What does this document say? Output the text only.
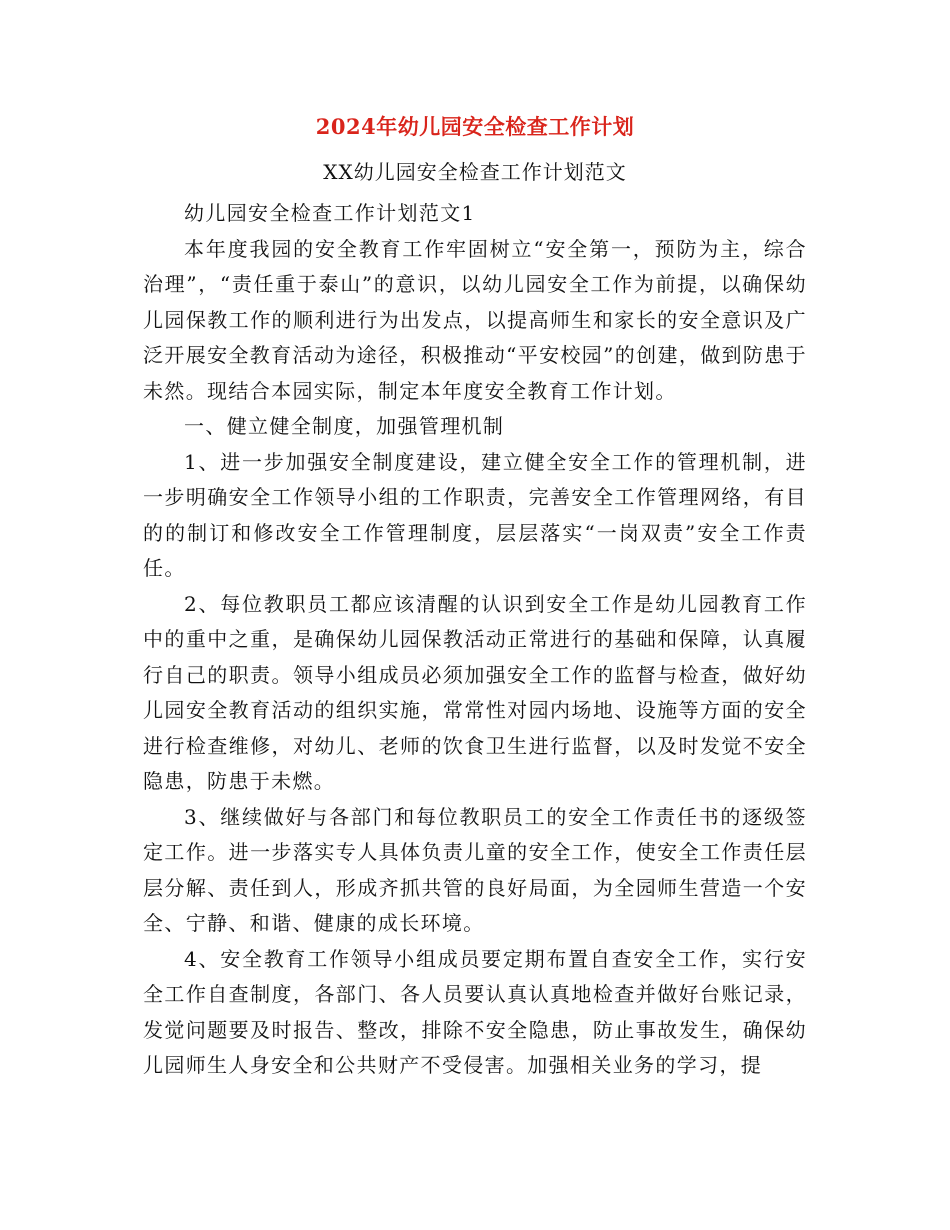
2024年幼儿园安全检查工作计划
XX幼儿园安全检查工作计划范文

幼儿园安全检查工作计划范文1

本年度我园的安全教育工作牢固树立“安全第一，预防为主，综合治理”，“责任重于泰山”的意识，以幼儿园安全工作为前提，以确保幼儿园保教工作的顺利进行为出发点，以提高师生和家长的安全意识及广泛开展安全教育活动为途径，积极推动“平安校园”的创建，做到防患于未然。现结合本园实际，制定本年度安全教育工作计划。

一、健立健全制度，加强管理机制

1、进一步加强安全制度建设，建立健全安全工作的管理机制，进一步明确安全工作领导小组的工作职责，完善安全工作管理网络，有目的的制订和修改安全工作管理制度，层层落实“一岗双责”安全工作责任。

2、每位教职员工都应该清醒的认识到安全工作是幼儿园教育工作中的重中之重，是确保幼儿园保教活动正常进行的基础和保障，认真履行自己的职责。领导小组成员必须加强安全工作的监督与检查，做好幼儿园安全教育活动的组织实施，常常性对园内场地、设施等方面的安全进行检查维修，对幼儿、老师的饮食卫生进行监督，以及时发觉不安全隐患，防患于未燃。

3、继续做好与各部门和每位教职员工的安全工作责任书的逐级签定工作。进一步落实专人具体负责儿童的安全工作，使安全工作责任层层分解、责任到人，形成齐抓共管的良好局面，为全园师生营造一个安全、宁静、和谐、健康的成长环境。

4、安全教育工作领导小组成员要定期布置自查安全工作，实行安全工作自查制度，各部门、各人员要认真认真地检查并做好台账记录，发觉问题要及时报告、整改，排除不安全隐患，防止事故发生，确保幼儿园师生人身安全和公共财产不受侵害。加强相关业务的学习，提
